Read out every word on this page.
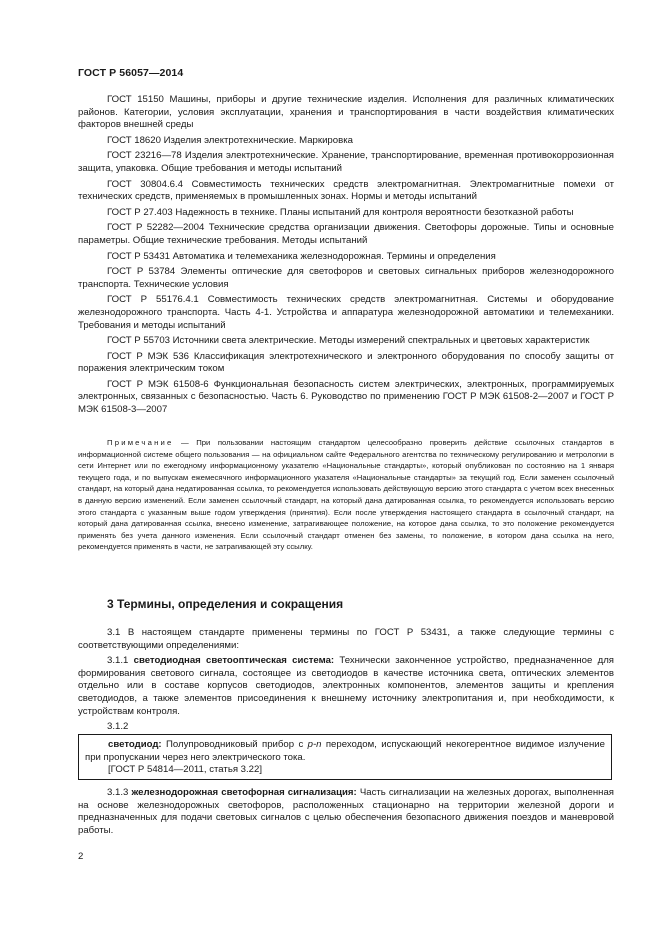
ГОСТ Р 56057—2014

ГОСТ 15150 Машины, приборы и другие технические изделия. Исполнения для различных климатических районов. Категории, условия эксплуатации, хранения и транспортирования в части воздействия климатических факторов внешней среды

ГОСТ 18620 Изделия электротехнические. Маркировка

ГОСТ 23216—78 Изделия электротехнические. Хранение, транспортирование, временная противокоррозионная защита, упаковка. Общие требования и методы испытаний

ГОСТ 30804.6.4 Совместимость технических средств электромагнитная. Электромагнитные помехи от технических средств, применяемых в промышленных зонах. Нормы и методы испытаний

ГОСТ Р 27.403 Надежность в технике. Планы испытаний для контроля вероятности безотказной работы

ГОСТ Р 52282—2004 Технические средства организации движения. Светофоры дорожные. Типы и основные параметры. Общие технические требования. Методы испытаний

ГОСТ Р 53431 Автоматика и телемеханика железнодорожная. Термины и определения

ГОСТ Р 53784 Элементы оптические для светофоров и световых сигнальных приборов железнодорожного транспорта. Технические условия

ГОСТ Р 55176.4.1 Совместимость технических средств электромагнитная. Системы и оборудование железнодорожного транспорта. Часть 4-1. Устройства и аппаратура железнодорожной автоматики и телемеханики. Требования и методы испытаний

ГОСТ Р 55703 Источники света электрические. Методы измерений спектральных и цветовых характеристик

ГОСТ Р МЭК 536 Классификация электротехнического и электронного оборудования по способу защиты от поражения электрическим током

ГОСТ Р МЭК 61508-6 Функциональная безопасность систем электрических, электронных, программируемых электронных, связанных с безопасностью. Часть 6. Руководство по применению ГОСТ Р МЭК 61508-2—2007 и ГОСТ Р МЭК 61508-3—2007

Примечание — При пользовании настоящим стандартом целесообразно проверить действие ссылочных стандартов в информационной системе общего пользования — на официальном сайте Федерального агентства по техническому регулированию и метрологии в сети Интернет или по ежегодному информационному указателю «Национальные стандарты», который опубликован по состоянию на 1 января текущего года, и по выпускам ежемесячного информационного указателя «Национальные стандарты» за текущий год. Если заменен ссылочный стандарт, на который дана недатированная ссылка, то рекомендуется использовать действующую версию этого стандарта с учетом всех внесенных в данную версию изменений. Если заменен ссылочный стандарт, на который дана датированная ссылка, то рекомендуется использовать версию этого стандарта с указанным выше годом утверждения (принятия). Если после утверждения настоящего стандарта в ссылочный стандарт, на который дана датированная ссылка, внесено изменение, затрагивающее положение, на которое дана ссылка, то это положение рекомендуется применять без учета данного изменения. Если ссылочный стандарт отменен без замены, то положение, в котором дана ссылка на него, рекомендуется применять в части, не затрагивающей эту ссылку.

3 Термины, определения и сокращения

3.1 В настоящем стандарте применены термины по ГОСТ Р 53431, а также следующие термины с соответствующими определениями:

3.1.1 светодиодная светооптическая система: Технически законченное устройство, предназначенное для формирования светового сигнала, состоящее из светодиодов в качестве источника света, оптических элементов отдельно или в составе корпусов светодиодов, электронных компонентов, элементов защиты и крепления светодиодов, а также элементов присоединения к внешнему источнику электропитания и, при необходимости, к устройствам контроля.

3.1.2

светодиод: Полупроводниковый прибор с p-n переходом, испускающий некогерентное видимое излучение при пропускании через него электрического тока.

[ГОСТ Р 54814—2011, статья 3.22]

3.1.3 железнодорожная светофорная сигнализация: Часть сигнализации на железных дорогах, выполненная на основе железнодорожных светофоров, расположенных стационарно на территории железной дороги и предназначенных для подачи световых сигналов с целью обеспечения безопасного движения поездов и маневровой работы.

2
